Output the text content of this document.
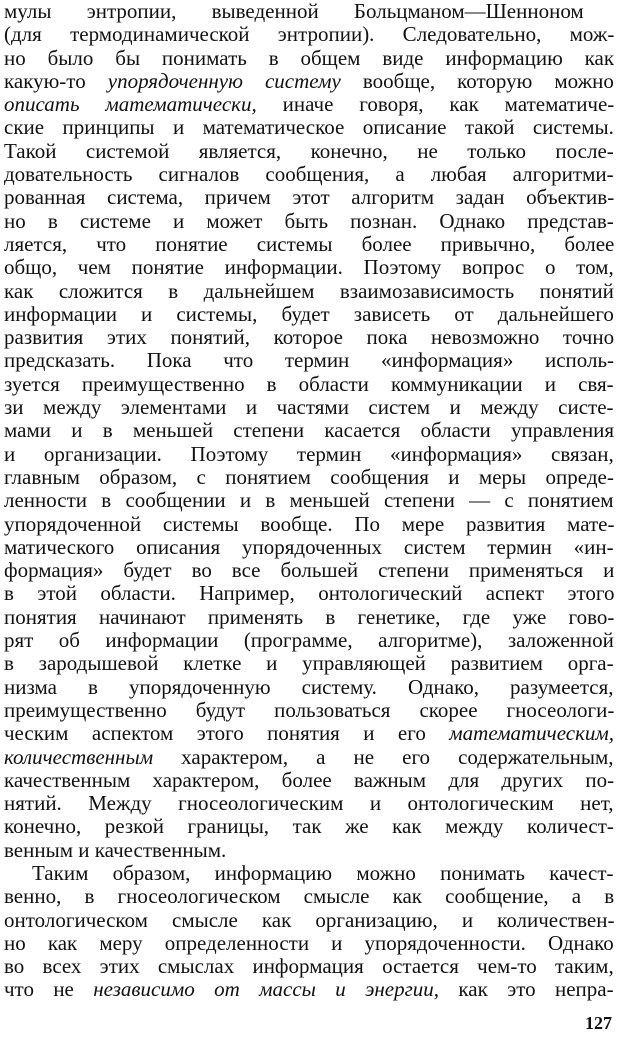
мулы энтропии, выведенной Больцманом—Шенноном
(для термодинамической энтропии). Следовательно, мож-
но было бы понимать в общем виде информацию как
какую-то упорядоченную систему вообще, которую можно
описать математически, иначе говоря, как математиче-
ские принципы и математическое описание такой системы.
Такой системой является, конечно, не только после-
довательность сигналов сообщения, а любая алгоритми-
рованная система, причем этот алгоритм задан объектив-
но в системе и может быть познан. Однако представ-
ляется, что понятие системы более привычно, более
общо, чем понятие информации. Поэтому вопрос о том,
как сложится в дальнейшем взаимозависимость понятий
информации и системы, будет зависеть от дальнейшего
развития этих понятий, которое пока невозможно точно
предсказать. Пока что термин «информация» исполь-
зуется преимущественно в области коммуникации и свя-
зи между элементами и частями систем и между систе-
мами и в меньшей степени касается области управления
и организации. Поэтому термин «информация» связан,
главным образом, с понятием сообщения и меры опреде-
ленности в сообщении и в меньшей степени — с понятием
упорядоченной системы вообще. По мере развития мате-
матического описания упорядоченных систем термин «ин-
формация» будет во все большей степени применяться и
в этой области. Например, онтологический аспект этого
понятия начинают применять в генетике, где уже гово-
рят об информации (программе, алгоритме), заложенной
в зародышевой клетке и управляющей развитием орга-
низма в упорядоченную систему. Однако, разумеется,
преимущественно будут пользоваться скорее гносеологи-
ческим аспектом этого понятия и его математическим,
количественным характером, а не его содержательным,
качественным характером, более важным для других по-
нятий. Между гносеологическим и онтологическим нет,
конечно, резкой границы, так же как между количест-
венным и качественным.
Таким образом, информацию можно понимать качест-
венно, в гносеологическом смысле как сообщение, а в
онтологическом смысле как организацию, и количествен-
но как меру определенности и упорядоченности. Однако
во всех этих смыслах информация остается чем-то таким,
что не независимо от массы и энергии, как это непра-
127
